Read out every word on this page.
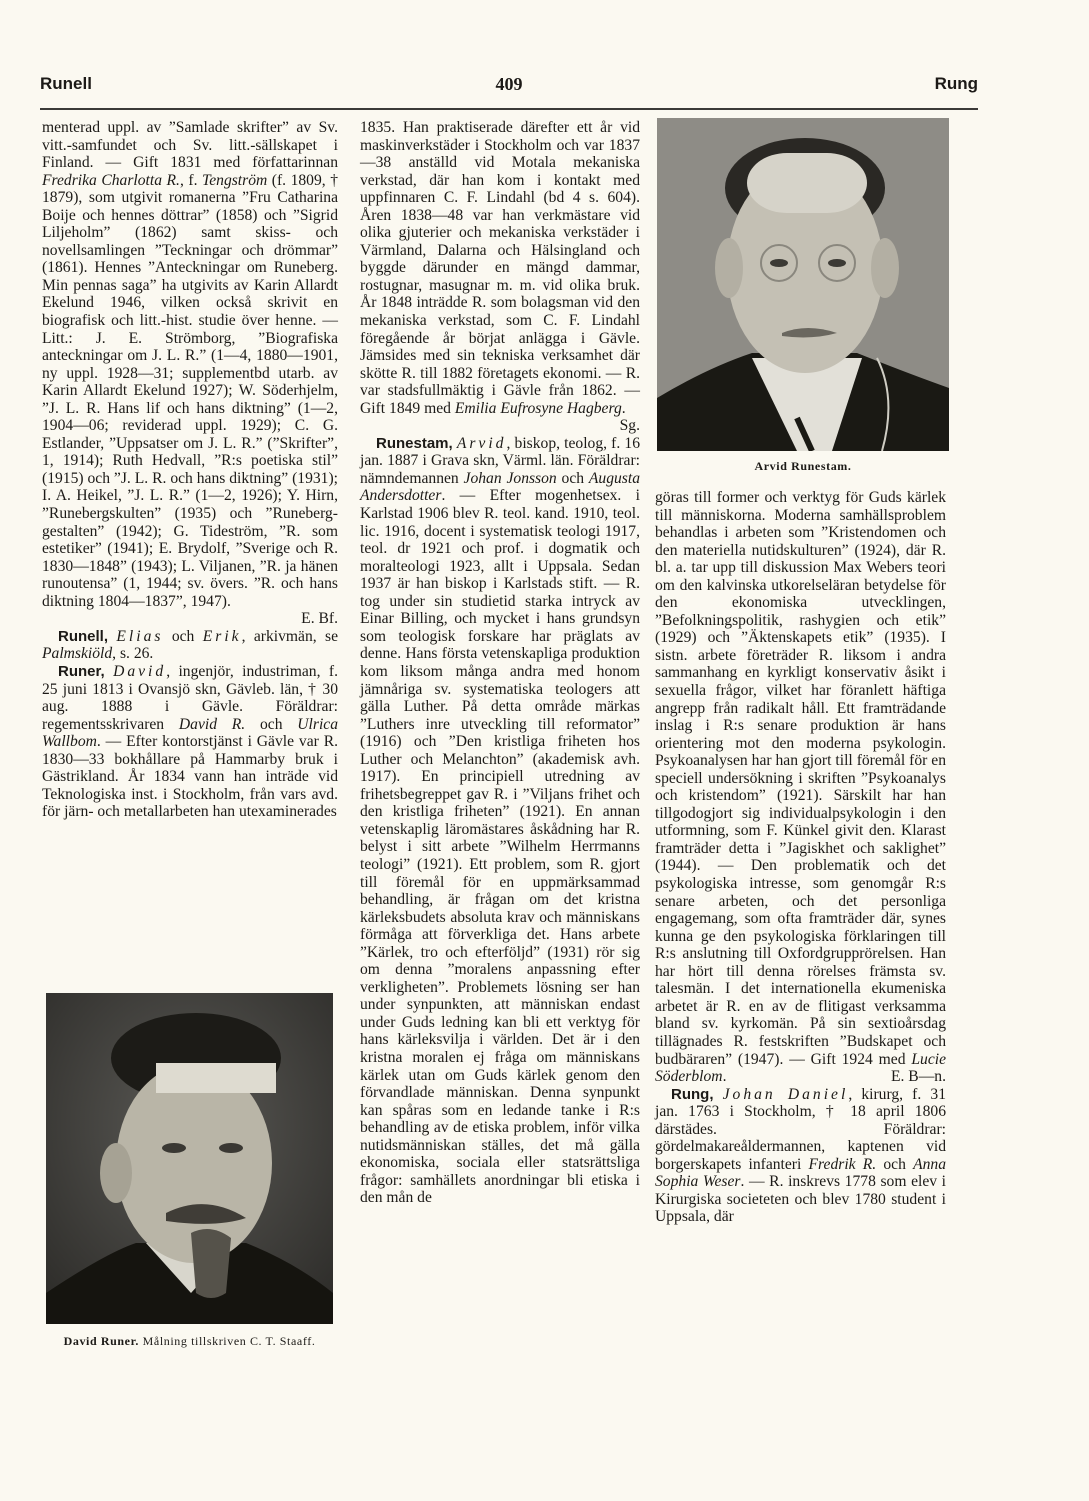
Runell	409	Rung

menterad uppl. av ”Samlade skrifter” av Sv. vitt.-samfundet och Sv. litt.-sällskapet i Finland. — Gift 1831 med författarinnan Fredrika Charlotta R., f. Tengström (f. 1809, † 1879), som utgivit romanerna ”Fru Catharina Boije och hennes döttrar” (1858) och ”Sigrid Liljeholm” (1862) samt skiss- och novellsamlingen ”Teckningar och drömmar” (1861). Hennes ”Anteckningar om Runeberg. Min pennas saga” ha utgivits av Karin Allardt Ekelund 1946, vilken också skrivit en biografisk och litt.-hist. studie över henne. — Litt.: J. E. Strömborg, ”Biografiska anteckningar om J. L. R.” (1—4, 1880—1901, ny uppl. 1928—31; supplementbd utarb. av Karin Allardt Ekelund 1927); W. Söderhjelm, ”J. L. R. Hans lif och hans diktning” (1—2, 1904—06; reviderad uppl. 1929); C. G. Estlander, ”Uppsatser om J. L. R.” (”Skrifter”, 1, 1914); Ruth Hedvall, ”R:s poetiska stil” (1915) och ”J. L. R. och hans diktning” (1931); I. A. Heikel, ”J. L. R.” (1—2, 1926); Y. Hirn, ”Runebergskulten” (1935) och ”Runeberg-gestalten” (1942); G. Tideström, ”R. som estetiker” (1941); E. Brydolf, ”Sverige och R. 1830—1848” (1943); L. Viljanen, ”R. ja hänen runoutensa” (1, 1944; sv. övers. ”R. och hans diktning 1804—1837”, 1947).

E. Bf.

Runell, Elias och Erik, arkivmän, se Palmskiöld, s. 26.

Runer, David, ingenjör, industriman, f. 25 juni 1813 i Ovansjö skn, Gävleb. län, † 30 aug. 1888 i Gävle. Föräldrar: regementsskrivaren David R. och Ulrica Wallbom. — Efter kontorstjänst i Gävle var R. 1830—33 bokhållare på Hammarby bruk i Gästrikland. År 1834 vann han inträde vid Teknologiska inst. i Stockholm, från vars avd. för järn- och metallarbeten han utexaminerades

David Runer. Målning tillskriven C. T. Staaff.

1835. Han praktiserade därefter ett år vid maskinverkstäder i Stockholm och var 1837—38 anställd vid Motala mekaniska verkstad, där han kom i kontakt med uppfinnaren C. F. Lindahl (bd 4 s. 604). Åren 1838—48 var han verkmästare vid olika gjuterier och mekaniska verkstäder i Värmland, Dalarna och Hälsingland och byggde därunder en mängd dammar, rostugnar, masugnar m. m. vid olika bruk. År 1848 inträdde R. som bolagsman vid den mekaniska verkstad, som C. F. Lindahl föregående år börjat anlägga i Gävle. Jämsides med sin tekniska verksamhet där skötte R. till 1882 företagets ekonomi. — R. var stadsfullmäktig i Gävle från 1862. — Gift 1849 med Emilia Eufrosyne Hagberg.

Sg.

Runestam, Arvid, biskop, teolog, f. 16 jan. 1887 i Grava skn, Värml. län. Föräldrar: nämndemannen Johan Jonsson och Augusta Andersdotter. — Efter mogenhetsex. i Karlstad 1906 blev R. teol. kand. 1910, teol. lic. 1916, docent i systematisk teologi 1917, teol. dr 1921 och prof. i dogmatik och moralteologi 1923, allt i Uppsala. Sedan 1937 är han biskop i Karlstads stift. — R. tog under sin studietid starka intryck av Einar Billing, och mycket i hans grundsyn som teologisk forskare har präglats av denne. Hans första vetenskapliga produktion kom liksom många andra med honom jämnåriga sv. systematiska teologers att gälla Luther. På detta område märkas ”Luthers inre utveckling till reformator” (1916) och ”Den kristliga friheten hos Luther och Melanchton” (akademisk avh. 1917). En principiell utredning av frihetsbegreppet gav R. i ”Viljans frihet och den kristliga friheten” (1921). En annan vetenskaplig läromästares åskådning har R. belyst i sitt arbete ”Wilhelm Herrmanns teologi” (1921). Ett problem, som R. gjort till föremål för en uppmärksammad behandling, är frågan om det kristna kärleksbudets absoluta krav och människans förmåga att förverkliga det. Hans arbete ”Kärlek, tro och efterföljd” (1931) rör sig om denna ”moralens anpassning efter verkligheten”. Problemets lösning ser han under synpunkten, att människan endast under Guds ledning kan bli ett verktyg för hans kärleksvilja i världen. Det är i den kristna moralen ej fråga om människans kärlek utan om Guds kärlek genom den förvandlade människan. Denna synpunkt kan spåras som en ledande tanke i R:s behandling av de etiska problem, inför vilka nutidsmänniskan ställes, det må gälla ekonomiska, sociala eller statsrättsliga frågor: samhällets anordningar bli etiska i den mån de

Arvid Runestam.

göras till former och verktyg för Guds kärlek till människorna. Moderna samhällsproblem behandlas i arbeten som ”Kristendomen och den materiella nutidskulturen” (1924), där R. bl. a. tar upp till diskussion Max Webers teori om den kalvinska utkorelseläran betydelse för den ekonomiska utvecklingen, ”Befolkningspolitik, rashygien och etik” (1929) och ”Äktenskapets etik” (1935). I sistn. arbete företräder R. liksom i andra sammanhang en kyrkligt konservativ åsikt i sexuella frågor, vilket har föranlett häftiga angrepp från radikalt håll. Ett framträdande inslag i R:s senare produktion är hans orientering mot den moderna psykologin. Psykoanalysen har han gjort till föremål för en speciell undersökning i skriften ”Psykoanalys och kristendom” (1921). Särskilt har han tillgodogjort sig individualpsykologin i den utformning, som F. Künkel givit den. Klarast framträder detta i ”Jagiskhet och saklighet” (1944). — Den problematik och det psykologiska intresse, som genomgår R:s senare arbeten, och det personliga engagemang, som ofta framträder där, synes kunna ge den psykologiska förklaringen till R:s anslutning till Oxfordgrupprörelsen. Han har hört till denna rörelses främsta sv. talesmän. I det internationella ekumeniska arbetet är R. en av de flitigast verksamma bland sv. kyrkomän. På sin sextioårsdag tillägnades R. festskriften ”Budskapet och budbäraren” (1947). — Gift 1924 med Lucie Söderblom.	E. B—n.

Rung, Johan Daniel, kirurg, f. 31 jan. 1763 i Stockholm, † 18 april 1806 därstädes. Föräldrar: gördelmakareåldermannen, kaptenen vid borgerskapets infanteri Fredrik R. och Anna Sophia Weser. — R. inskrevs 1778 som elev i Kirurgiska societeten och blev 1780 student i Uppsala, där
